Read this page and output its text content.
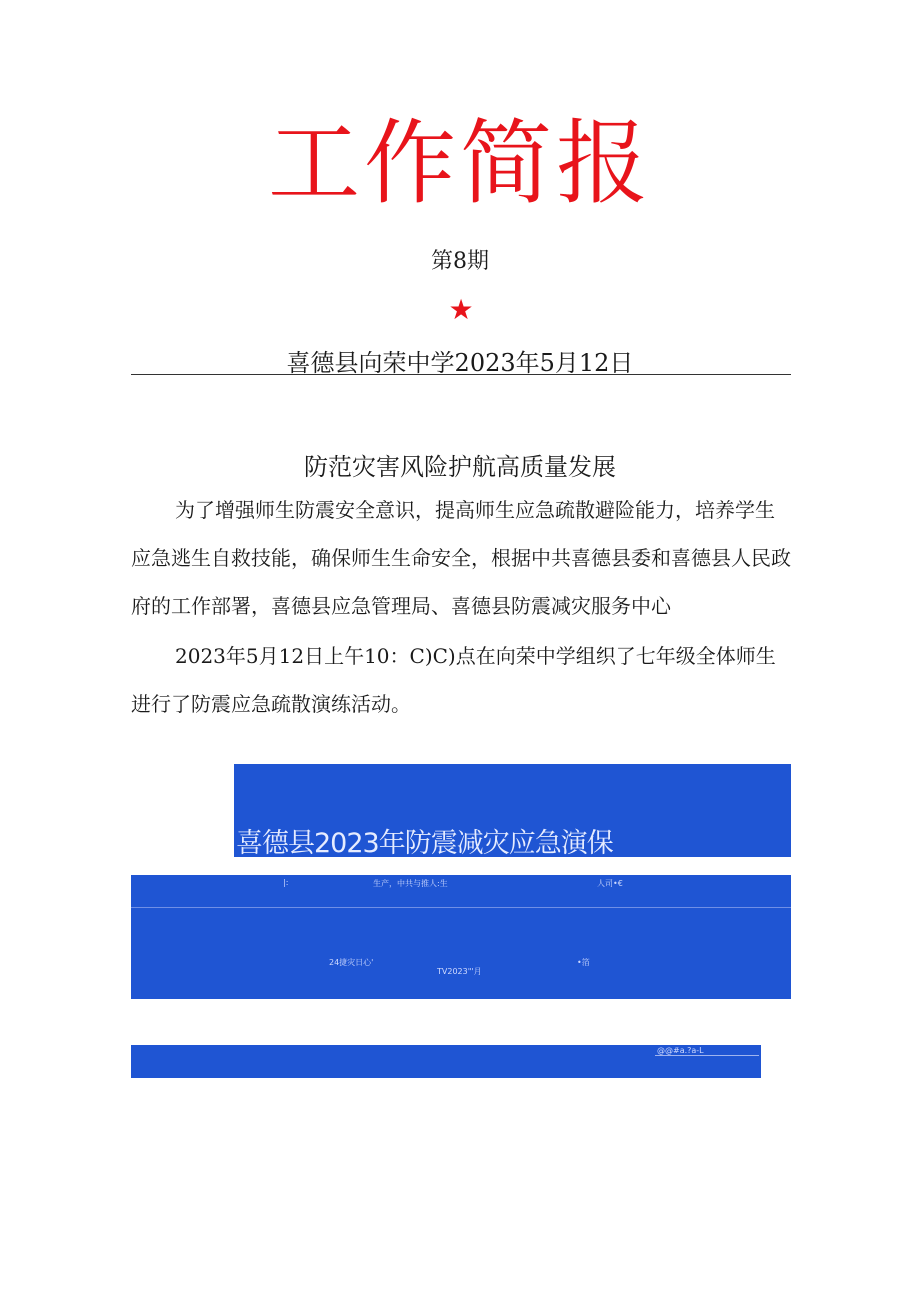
工作简报
第8期
★
喜德县向荣中学2023年5月12日
防范灾害风险护航高质量发展

为了增强师生防震安全意识，提高师生应急疏散避险能力，培养学生应急逃生自救技能，确保师生生命安全，根据中共喜德县委和喜德县人民政府的工作部署，喜德县应急管理局、喜德县防震减灾服务中心

2023年5月12日上午10：C)C)点在向荣中学组织了七年级全体师生进行了防震应急疏散演练活动。

喜德县2023年防震减灾应急演保
|:	生产，中共与推人:生	人司•€
24捷灾日心'	•箔
TV2023"'月
@@#a.?a-L
